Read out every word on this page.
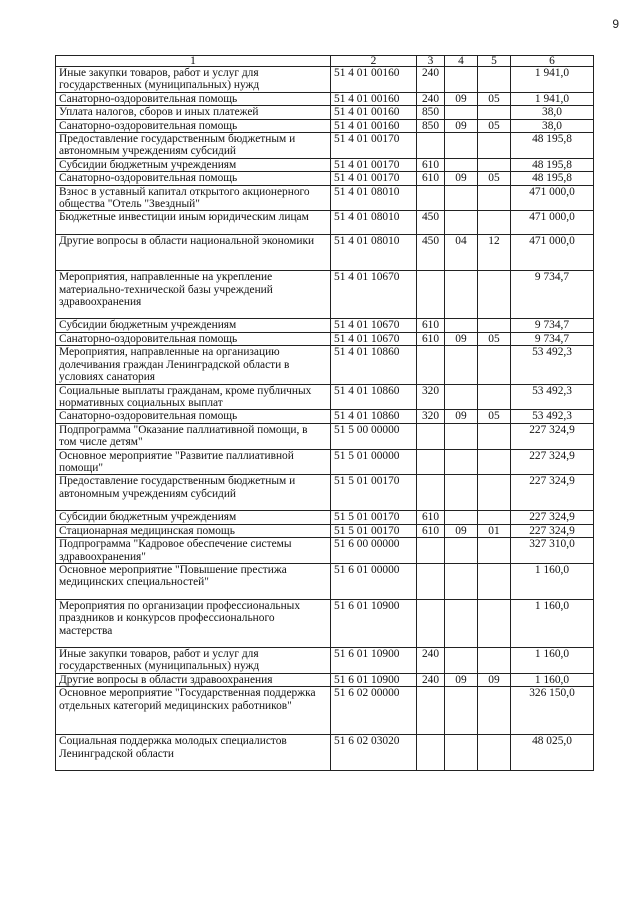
9
1	2	3	4	5	6
Иные закупки товаров, работ и услуг для государственных (муниципальных) нужд	51 4 01 00160	240			1 941,0
Санаторно-оздоровительная помощь	51 4 01 00160	240	09	05	1 941,0
Уплата налогов, сборов и иных платежей	51 4 01 00160	850			38,0
Санаторно-оздоровительная помощь	51 4 01 00160	850	09	05	38,0
Предоставление государственным бюджетным и автономным учреждениям субсидий	51 4 01 00170				48 195,8
Субсидии бюджетным учреждениям	51 4 01 00170	610			48 195,8
Санаторно-оздоровительная помощь	51 4 01 00170	610	09	05	48 195,8
Взнос в уставный капитал открытого акционерного общества "Отель "Звездный"	51 4 01 08010				471 000,0
Бюджетные инвестиции иным юридическим лицам	51 4 01 08010	450			471 000,0
Другие вопросы в области национальной экономики	51 4 01 08010	450	04	12	471 000,0
Мероприятия, направленные на укрепление материально-технической базы учреждений здравоохранения	51 4 01 10670				9 734,7
Субсидии бюджетным учреждениям	51 4 01 10670	610			9 734,7
Санаторно-оздоровительная помощь	51 4 01 10670	610	09	05	9 734,7
Мероприятия, направленные на организацию долечивания граждан Ленинградской области в условиях санатория	51 4 01 10860				53 492,3
Социальные выплаты гражданам, кроме публичных нормативных социальных выплат	51 4 01 10860	320			53 492,3
Санаторно-оздоровительная помощь	51 4 01 10860	320	09	05	53 492,3
Подпрограмма "Оказание паллиативной помощи, в том числе детям"	51 5 00 00000				227 324,9
Основное мероприятие "Развитие паллиативной помощи"	51 5 01 00000				227 324,9
Предоставление государственным бюджетным и автономным учреждениям субсидий	51 5 01 00170				227 324,9
Субсидии бюджетным учреждениям	51 5 01 00170	610			227 324,9
Стационарная медицинская помощь	51 5 01 00170	610	09	01	227 324,9
Подпрограмма "Кадровое обеспечение системы здравоохранения"	51 6 00 00000				327 310,0
Основное мероприятие "Повышение престижа медицинских специальностей"	51 6 01 00000				1 160,0
Мероприятия по организации профессиональных праздников и конкурсов профессионального мастерства	51 6 01 10900				1 160,0
Иные закупки товаров, работ и услуг для государственных (муниципальных) нужд	51 6 01 10900	240			1 160,0
Другие вопросы в области здравоохранения	51 6 01 10900	240	09	09	1 160,0
Основное мероприятие "Государственная поддержка отдельных категорий медицинских работников"	51 6 02 00000				326 150,0
Социальная поддержка молодых специалистов Ленинградской области	51 6 02 03020				48 025,0
